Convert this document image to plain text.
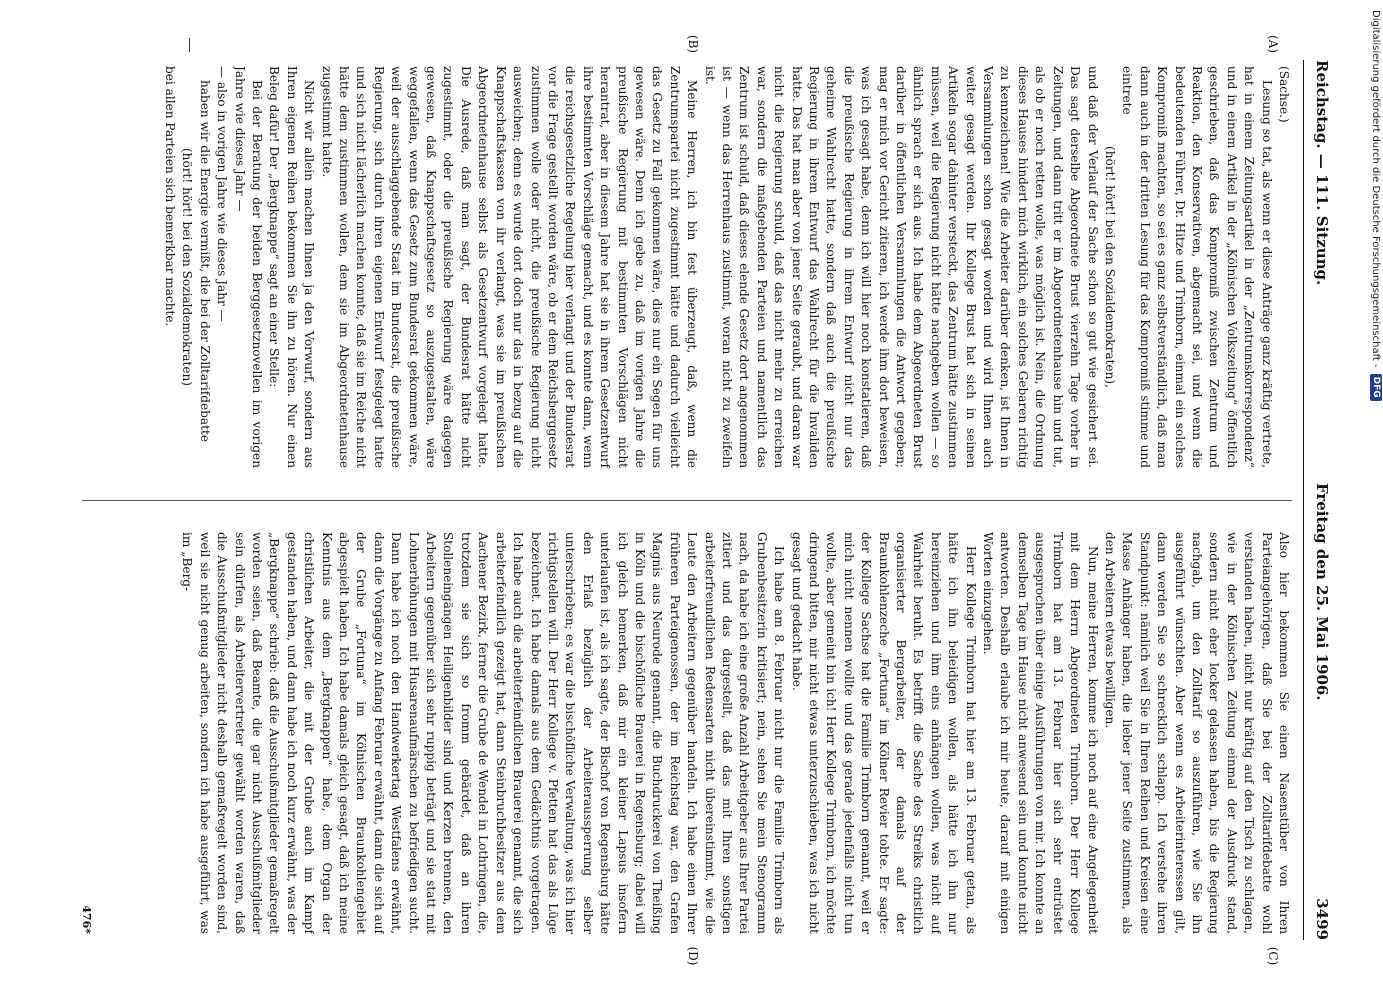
Reichstag. — 111. Sitzung.
Freitag den 25. Mai 1906.
3499
(A)
(B)
(C)
(D)

(Sachse.)

Lesung so tat, als wenn er diese Anträge ganz kräftig vertrete, hat in einem Zeitungsartikel in der „Zentrumskorrespondenz“ und in einem Artikel in der „Kölnischen Volkszeitung“ öffentlich geschrieben, daß das Kompromiß zwischen Zentrum und Reaktion, den Konservativen, abgemacht sei, und wenn die bedeutenden Führer, Dr. Hitze und Trimborn, einmal ein solches Kompromiß machten, so sei es ganz selbstverständlich, daß man dann auch in der dritten Lesung für das Kompromiß stimme und eintrete

(hört! hört! bei den Sozialdemokraten),

und daß der Verlauf der Sache schon so gut wie gesichert sei. Das sagt derselbe Abgeordnete Brust vierzehn Tage vorher in Zeitungen, und dann tritt er im Abgeordnetenhause hin und tut, als ob er noch retten wolle, was möglich ist. Nein, die Ordnung dieses Hauses hindert mich wirklich, ein solches Gebaren richtig zu kennzeichnen! Wie die Arbeiter darüber denken, ist Ihnen in Versammlungen schon gesagt worden und wird Ihnen auch weiter gesagt werden. Ihr Kollege Brust hat sich in seinen Artikeln sogar dahinter versteckt, das Zentrum hätte zustimmen müssen, weil die Regierung nicht hätte nachgeben wollen — so ähnlich sprach er sich aus. Ich habe dem Abgeordneten Brust darüber in öffentlichen Versammlungen die Antwort gegeben; mag er mich vor Gericht zitieren, ich werde ihm dort beweisen, was ich gesagt habe, denn ich will hier noch konstatieren, daß die preußische Regierung in ihrem Entwurf nicht nur das geheime Wahlrecht hatte, sondern daß auch die preußische Regierung in ihrem Entwurf das Wahlrecht für die Invaliden hatte. Das hat man aber von jener Seite geraubt, und daran war nicht die Regierung schuld, daß das nicht mehr zu erreichen war, sondern die maßgebenden Parteien und namentlich das Zentrum ist schuld, daß dieses elende Gesetz dort angenommen ist — wenn das Herrenhaus zustimmt, woran nicht zu zweifeln ist.

Meine Herren, ich bin fest überzeugt, daß, wenn die Zentrumspartei nicht zugestimmt hätte und dadurch vielleicht das Gesetz zu Fall gekommen wäre, dies nur ein Segen für uns gewesen wäre. Denn ich gebe zu, daß im vorigen Jahre die preußische Regierung mit bestimmten Vorschlägen nicht herantrat, aber in diesem Jahre hat sie in ihrem Gesetzentwurf ihre bestimmten Vorschläge gemacht, und es konnte dann, wenn die reichsgesetzliche Regelung hier verlangt und der Bundesrat vor die Frage gestellt worden wäre, ob er dem Reichsberggesetz zustimmen wolle oder nicht, die preußische Regierung nicht ausweichen; denn es wurde dort doch nur das in bezug auf die Knappschaftskassen von ihr verlangt, was sie im preußischen Abgeordnetenhause selbst als Gesetzentwurf vorgelegt hatte. Die Ausrede, daß man sagt, der Bundesrat hätte nicht zugestimmt, oder die preußische Regierung wäre dagegen gewesen, daß Knappschaftsgesetz so auszugestalten, wäre weggefallen, wenn das Gesetz zum Bundesrat gekommen wäre, weil der ausschlaggebende Staat im Bundesrat, die preußische Regierung, sich durch ihren eigenen Entwurf festgelegt hatte und sich nicht lächerlich machen konnte, daß sie im Reiche nicht hätte dem zustimmen wollen, dem sie im Abgeordnetenhause zugestimmt hatte.

Nicht wir allein machen Ihnen ja den Vorwurf, sondern aus Ihren eigenen Reihen bekommen Sie ihn zu hören. Nur einen Beleg dafür! Der „Bergknappe“ sagt an einer Stelle:

Bei der Beratung der beiden Berggesetznovellen im vorigen Jahre wie dieses Jahr —

— also in vorigen Jahre wie dieses Jahr —

haben wir die Energie vermißt, die bei der Zolltarifdebatte

(hört! hört! bei den Sozialdemokraten)

bei allen Parteien sich bemerkbar machte.

Also hier bekommen Sie einen Nasenstüber von Ihren Parteiangehörigen, daß Sie bei der Zolltarifdebatte wohl verstanden haben, nicht nur kräftig auf den Tisch zu schlagen, wie in der Kölnischen Zeitung einmal der Ausdruck stand, sondern nicht eher locker gelassen haben, bis die Regierung nachgab, um den Zolltarif so auszuführen, wie Sie ihn ausgeführt wünschten. Aber wenn es Arbeiterinteressen gilt, dann werden Sie so schrecklich schlapp. Ich verstehe ihren Standpunkt: nämlich weil Sie in Ihren Reihen und Kreisen eine Masse Anhänger haben, die lieber jener Seite zustimmen, als den Arbeitern etwas bewilligen.

Nun, meine Herren, komme ich noch auf eine Angelegenheit mit dem Herrn Abgeordneten Trimborn. Der Herr Kollege Trimborn hat am 13. Februar hier sich sehr entrüstet ausgesprochen über einige Ausführungen von mir. Ich konnte an demselben Tage im Hause nicht anwesend sein und konnte nicht antworten. Deshalb erlaube ich mir heute, darauf mit einigen Worten einzugehen.

Herr Kollege Trimborn hat hier am 13. Februar getan, als hätte ich ihn beleidigen wollen, als hätte ich ihn nur hereinziehen und ihm eins anhängen wollen, was nicht auf Wahrheit beruht. Es betrifft die Sache des Streiks christlich organisierter Bergarbeiter, der damals auf der Braunkohlenzeche „Fortuna“ im Kölner Revier tobte. Er sagte: der Kollege Sachse hat die Familie Trimborn genannt, weil er mich nicht nennen wollte und das gerade jedenfalls nicht tun wollte, aber gemeint bin ich! Herr Kollege Trimborn, ich möchte dringend bitten, mir nicht etwas unterzuschieben, was ich nicht gesagt und gedacht habe.

Ich habe am 8. Februar nicht nur die Familie Trimborn als Grubenbesitzerin kritisiert; nein, sehen Sie mein Stenogramm nach, da habe ich eine große Anzahl Arbeitgeber aus Ihrer Partei zitiert und das dargestellt, daß das mit Ihren sonstigen arbeiterfreundlichen Redensarten nicht übereinstimmt, wie die Leute den Arbeitern gegenüber handeln. Ich habe einen Ihrer früheren Parteigenossen, der im Reichstag war, den Grafen Magnis aus Neurode genannt, die Buchdruckerei von Theißing in Köln und die bischöfliche Brauerei in Regensburg; dabei will ich gleich bemerken, daß mir ein kleiner Lapsus insofern unterlaufen ist, als ich sagte, der Bischof von Regensburg hätte den Erlaß bezüglich der Arbeiteraussperrung selber unterschrieben; es war die bischöfliche Verwaltung, was ich hier richtigstellen will. Der Herr Kollege v. Pfetten hat das als Lüge bezeichnet. Ich habe damals aus dem Gedächtnis vorgetragen. Ich habe auch die arbeiterfeindlichen Brauerei genannt, die sich arbeiterfeindlich gezeigt hat, dann Steinbruchbesitzer aus dem Aachener Bezirk, ferner die Grube de Wendel in Lothringen, die, trotzdem sie sich so fromm gebärdet, daß an ihren Stolleneingängen Heiligenbilder sind und Kerzen brennen, den Arbeitern gegenüber sich sehr ruppig beträgt und sie statt mit Lohnerhöhungen mit Husarenaufmärschen zu befriedigen sucht. Dann habe ich noch den Handwerkertag Westfalens erwähnt, dann die Vorgänge zu Anfang Februar erwähnt, dann die sich auf der Grube „Fortuna“ im Kölnischen Braunkohlengebiet abgespielt haben. Ich habe damals gleich gesagt, daß ich meine Kenntnis aus dem „Bergknappen“ habe, dem Organ der christlichen Arbeiter, die mit der Grube auch im Kampf gestanden haben, und dann habe ich noch kurz erwähnt, was der „Bergknappe“ schrieb: daß die Ausschußmitglieder gemaßregelt worden seien, daß Beamte, die gar nicht Ausschußmitglieder sein dürfen, als Arbeitervertreter gewählt worden waren, daß die Ausschußmitglieder nicht deshalb gemaßregelt worden sind, weil sie nicht genug arbeiten, sondern ich habe ausgeführt, was im „Berg-

476*
Digitalisierung gefördert durch die Deutsche Forschungsgemeinschaft -
DFG
